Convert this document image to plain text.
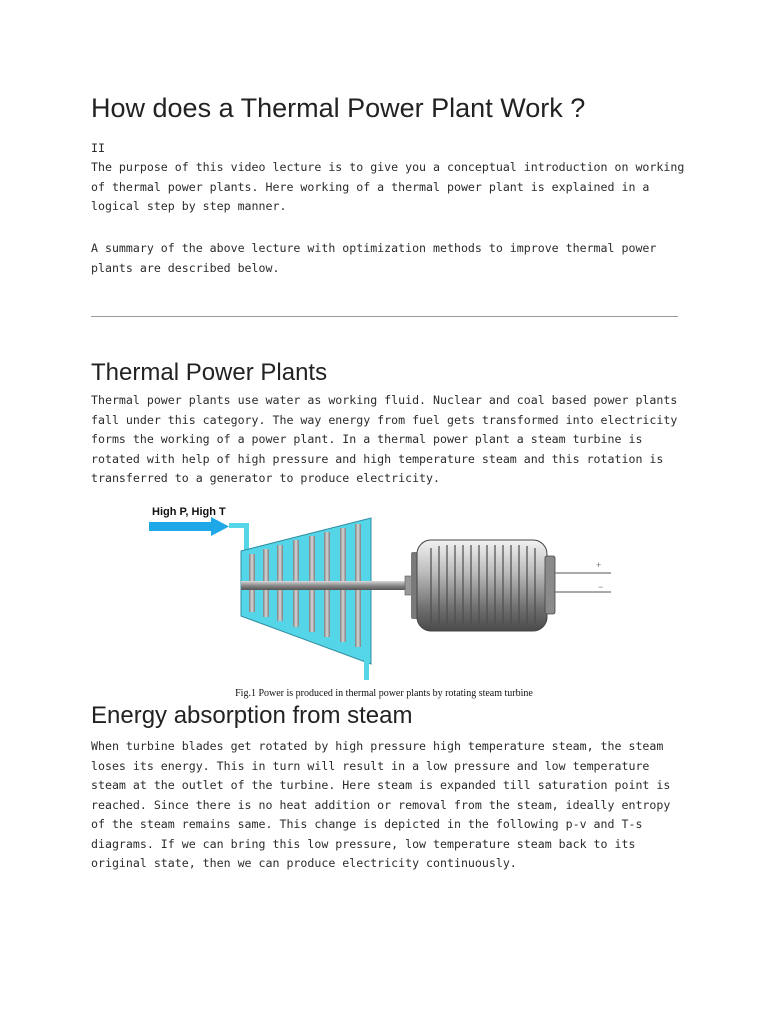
How does a Thermal Power Plant Work ?

II

The purpose of this video lecture is to give you a conceptual introduction on working of thermal power plants. Here working of a thermal power plant is explained in a logical step by step manner.

A summary of the above lecture with optimization methods to improve thermal power plants are described below.

Thermal Power Plants

Thermal power plants use water as working fluid. Nuclear and coal based power plants fall under this category. The way energy from fuel gets transformed into electricity forms the working of a power plant. In a thermal power plant a steam turbine is rotated with help of high pressure and high temperature steam and this rotation is transferred to a generator to produce electricity.

High P, High T
+
−
Fig.1 Power is produced in thermal power plants by rotating steam turbine
Energy absorption from steam

When turbine blades get rotated by high pressure high temperature steam, the steam loses its energy. This in turn will result in a low pressure and low temperature steam at the outlet of the turbine. Here steam is expanded till saturation point is reached. Since there is no heat addition or removal from the steam, ideally entropy of the steam remains same. This change is depicted in the following p-v and T-s diagrams. If we can bring this low pressure, low temperature steam back to its original state, then we can produce electricity continuously.
